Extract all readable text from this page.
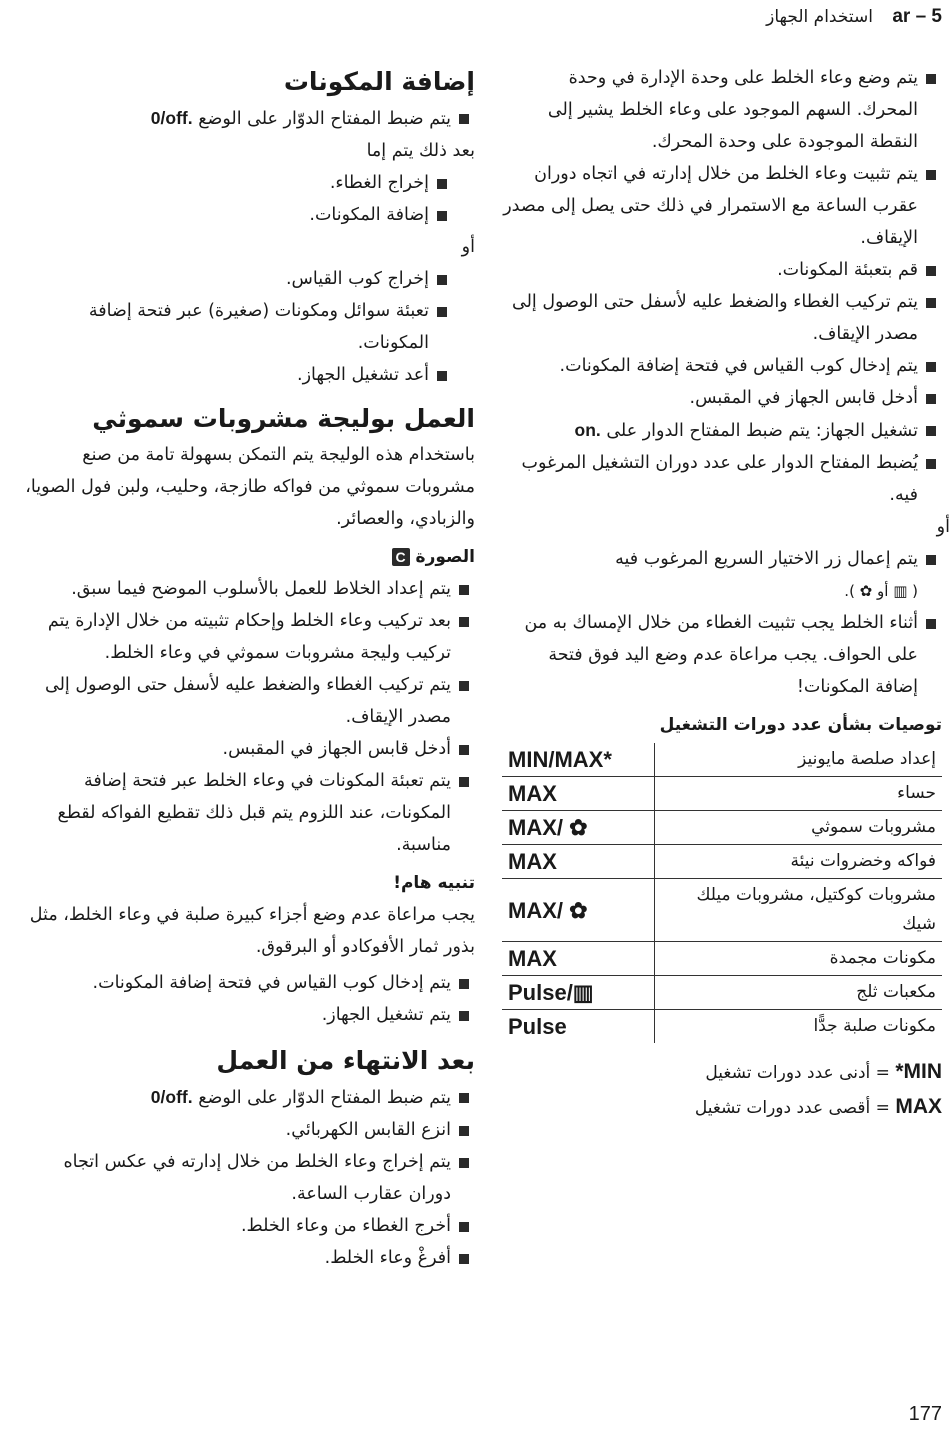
5 – ar استخدام الجهاز
يتم وضع وعاء الخلط على وحدة الإدارة في وحدة المحرك. السهم الموجود على وعاء الخلط يشير إلى النقطة الموجودة على وحدة المحرك.
يتم تثبيت وعاء الخلط من خلال إدارته في اتجاه دوران عقرب الساعة مع الاستمرار في ذلك حتى يصل إلى مصدر الإيقاف.
قم بتعبئة المكونات.
يتم تركيب الغطاء والضغط عليه لأسفل حتى الوصول إلى مصدر الإيقاف.
يتم إدخال كوب القياس في فتحة إضافة المكونات.
أدخل قابس الجهاز في المقبس.
تشغيل الجهاز: يتم ضبط المفتاح الدوار على on.
يُضبط المفتاح الدوار على عدد دوران التشغيل المرغوب فيه.

أو

يتم إعمال زر الاختيار السريع المرغوب فيه
( ▥ أو ✿ ).
أثناء الخلط يجب تثبيت الغطاء من خلال الإمساك به من على الحواف. يجب مراعاة عدم وضع اليد فوق فتحة إضافة المكونات!
توصيات بشأن عدد دورات التشغيل
إعداد صلصة مايونيز	MIN/MAX*
حساء	MAX
مشروبات سموثي	MAX/ ✿
فواكه وخضروات نيئة	MAX
مشروبات كوكتيل، مشروبات ميلك شيك	MAX/ ✿
مكونات مجمدة	MAX
مكعبات ثلج	Pulse/▥
مكونات صلبة جدًّا	Pulse
*MIN = أدنى عدد دورات تشغيل
MAX = أقصى عدد دورات تشغيل
إضافة المكونات
يتم ضبط المفتاح الدوّار على الوضع 0/off.

بعد ذلك يتم إما

إخراج الغطاء.
إضافة المكونات.

أو

إخراج كوب القياس.
تعبئة سوائل ومكونات (صغيرة) عبر فتحة إضافة المكونات.
أعد تشغيل الجهاز.
العمل بوليجة مشروبات سموثي

باستخدام هذه الوليجة يتم التمكن بسهولة تامة من صنع مشروبات سموثي من فواكه طازجة، وحليب، ولبن فول الصويا، والزبادي، والعصائر.

الصورة C
يتم إعداد الخلاط للعمل بالأسلوب الموضح فيما سبق.
بعد تركيب وعاء الخلط وإحكام تثبيته من خلال الإدارة يتم تركيب وليجة مشروبات سموثي في وعاء الخلط.
يتم تركيب الغطاء والضغط عليه لأسفل حتى الوصول إلى مصدر الإيقاف.
أدخل قابس الجهاز في المقبس.
يتم تعبئة المكونات في وعاء الخلط عبر فتحة إضافة المكونات، عند اللزوم يتم قبل ذلك تقطيع الفواكه لقطع مناسبة.
تنبيه هام!

يجب مراعاة عدم وضع أجزاء كبيرة صلبة في وعاء الخلط، مثل بذور ثمار الأفوكادو أو البرقوق.

يتم إدخال كوب القياس في فتحة إضافة المكونات.
يتم تشغيل الجهاز.
بعد الانتهاء من العمل
يتم ضبط المفتاح الدوّار على الوضع 0/off.
انزع القابس الكهربائي.
يتم إخراج وعاء الخلط من خلال إدارته في عكس اتجاه دوران عقارب الساعة.
أخرج الغطاء من وعاء الخلط.
أفرغْ وعاء الخلط.
177
